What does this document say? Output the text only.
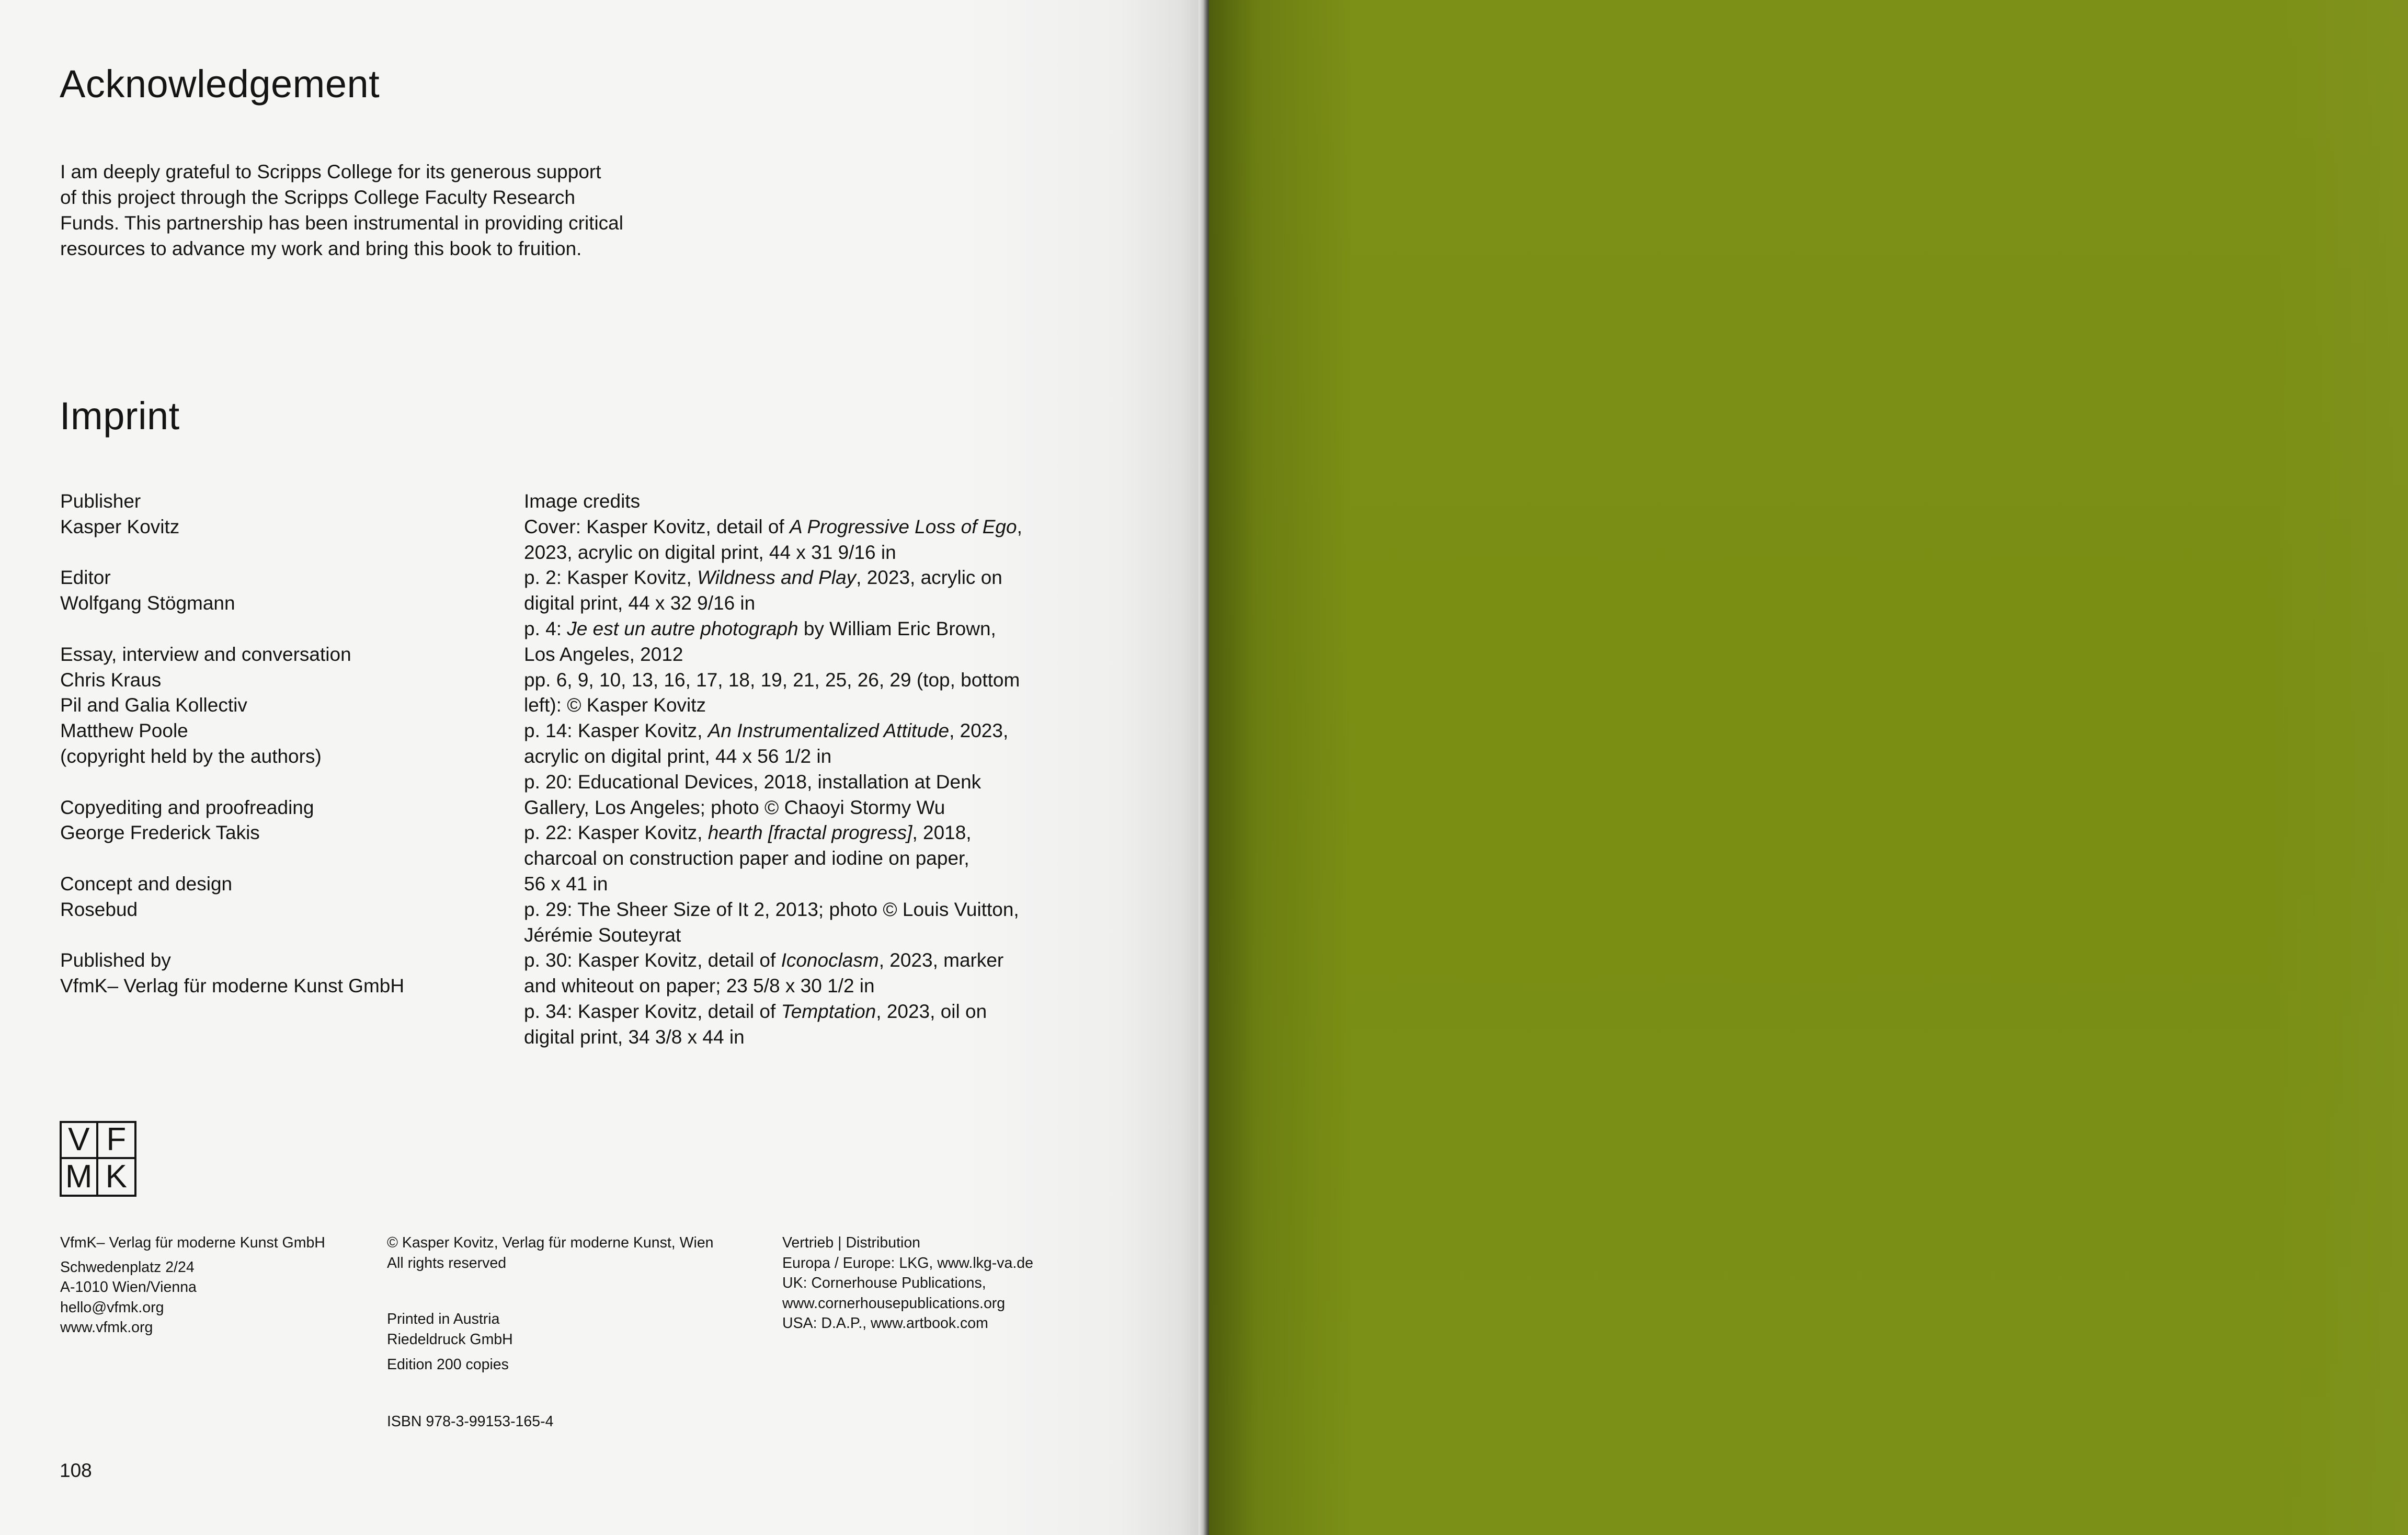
Acknowledgement
I am deeply grateful to Scripps College for its generous support
of this project through the Scripps College Faculty Research
Funds. This partnership has been instrumental in providing critical
resources to advance my work and bring this book to fruition.
Imprint
Publisher
Kasper Kovitz
Editor
Wolfgang Stögmann
Essay, interview and conversation
Chris Kraus
Pil and Galia Kollectiv
Matthew Poole
(copyright held by the authors)
Copyediting and proofreading
George Frederick Takis
Concept and design
Rosebud
Published by
VfmK– Verlag für moderne Kunst GmbH
Image credits
Cover: Kasper Kovitz, detail of A Progressive Loss of Ego,
2023, acrylic on digital print, 44 x 31 9/16 in
p. 2: Kasper Kovitz, Wildness and Play, 2023, acrylic on
digital print, 44 x 32 9/16 in
p. 4: Je est un autre photograph by William Eric Brown,
Los Angeles, 2012
pp. 6, 9, 10, 13, 16, 17, 18, 19, 21, 25, 26, 29 (top, bottom
left): © Kasper Kovitz
p. 14: Kasper Kovitz, An Instrumentalized Attitude, 2023,
acrylic on digital print, 44 x 56 1/2 in
p. 20: Educational Devices, 2018, installation at Denk
Gallery, Los Angeles; photo © Chaoyi Stormy Wu
p. 22: Kasper Kovitz, hearth [fractal progress], 2018,
charcoal on construction paper and iodine on paper,
56 x 41 in
p. 29: The Sheer Size of It 2, 2013; photo © Louis Vuitton,
Jérémie Souteyrat
p. 30: Kasper Kovitz, detail of Iconoclasm, 2023, marker
and whiteout on paper; 23 5/8 x 30 1/2 in
p. 34: Kasper Kovitz, detail of Temptation, 2023, oil on
digital print, 34 3/8 x 44 in
V F
M K
VfmK– Verlag für moderne Kunst GmbH
Schwedenplatz 2/24
A-1010 Wien/Vienna
hello@vfmk.org
www.vfmk.org
© Kasper Kovitz, Verlag für moderne Kunst, Wien
All rights reserved
Printed in Austria
Riedeldruck GmbH
Edition 200 copies
ISBN 978-3-99153-165-4
Vertrieb | Distribution
Europa / Europe: LKG, www.lkg-va.de
UK: Cornerhouse Publications,
www.cornerhousepublications.org
USA: D.A.P., www.artbook.com
108
